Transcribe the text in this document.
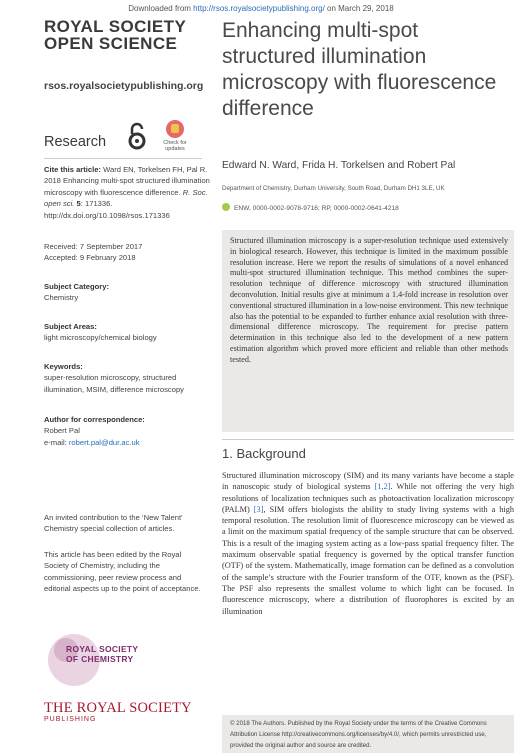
Downloaded from http://rsos.royalsocietypublishing.org/ on March 29, 2018
ROYAL SOCIETY
OPEN SCIENCE
rsos.royalsocietypublishing.org
Research	Check for updates
Cite this article: Ward EN, Torkelsen FH, Pal R. 2018 Enhancing multi-spot structured illumination microscopy with fluorescence difference. R. Soc. open sci. 5: 171336.
http://dx.doi.org/10.1098/rsos.171336
Received: 7 September 2017
Accepted: 9 February 2018
Subject Category:
Chemistry
Subject Areas:
light microscopy/chemical biology
Keywords:
super-resolution microscopy, structured illumination, MSIM, difference microscopy
Author for correspondence:
Robert Pal
e-mail: robert.pal@dur.ac.uk
An invited contribution to the ‘New Talent’ Chemistry special collection of articles.
This article has been edited by the Royal Society of Chemistry, including the commissioning, peer review process and editorial aspects up to the point of acceptance.
ROYAL SOCIETY
OF CHEMISTRY
THE ROYAL SOCIETY
PUBLISHING
Enhancing multi-spot structured illumination microscopy with fluorescence difference
Edward N. Ward, Frida H. Torkelsen and Robert Pal
Department of Chemistry, Durham University, South Road, Durham DH1 3LE, UK
ENW, 0000-0002-9078-9716; RP, 0000-0002-0641-4218
Structured illumination microscopy is a super-resolution technique used extensively in biological research. However, this technique is limited in the maximum possible resolution increase. Here we report the results of simulations of a novel enhanced multi-spot structured illumination technique. This method combines the super-resolution technique of difference microscopy with structured illumination deconvolution. Initial results give at minimum a 1.4-fold increase in resolution over conventional structured illumination in a low-noise environment. This new technique also has the potential to be expanded to further enhance axial resolution with three-dimensional difference microscopy. The requirement for precise pattern determination in this technique also led to the development of a new pattern estimation algorithm which proved more efficient and reliable than other methods tested.
1. Background
Structured illumination microscopy (SIM) and its many variants have become a staple in nanoscopic study of biological systems [1,2]. While not offering the very high resolutions of localization techniques such as photoactivation localization microscopy (PALM) [3], SIM offers biologists the ability to study living systems with a high temporal resolution. The resolution limit of fluorescence microscopy can be viewed as a limit on the maximum spatial frequency of the sample structure that can be observed. This is a result of the imaging system acting as a low-pass spatial frequency filter. The maximum observable spatial frequency is governed by the optical transfer function (OTF) of the system. Mathematically, image formation can be defined as a convolution of the sample’s structure with the Fourier transform of the OTF, known as the (PSF). The PSF also represents the smallest volume to which light can be focused. In fluorescence microscopy, where a distribution of fluorophores is excited by an illumination
© 2018 The Authors. Published by the Royal Society under the terms of the Creative Commons Attribution License http://creativecommons.org/licenses/by/4.0/, which permits unrestricted use, provided the original author and source are credited.
